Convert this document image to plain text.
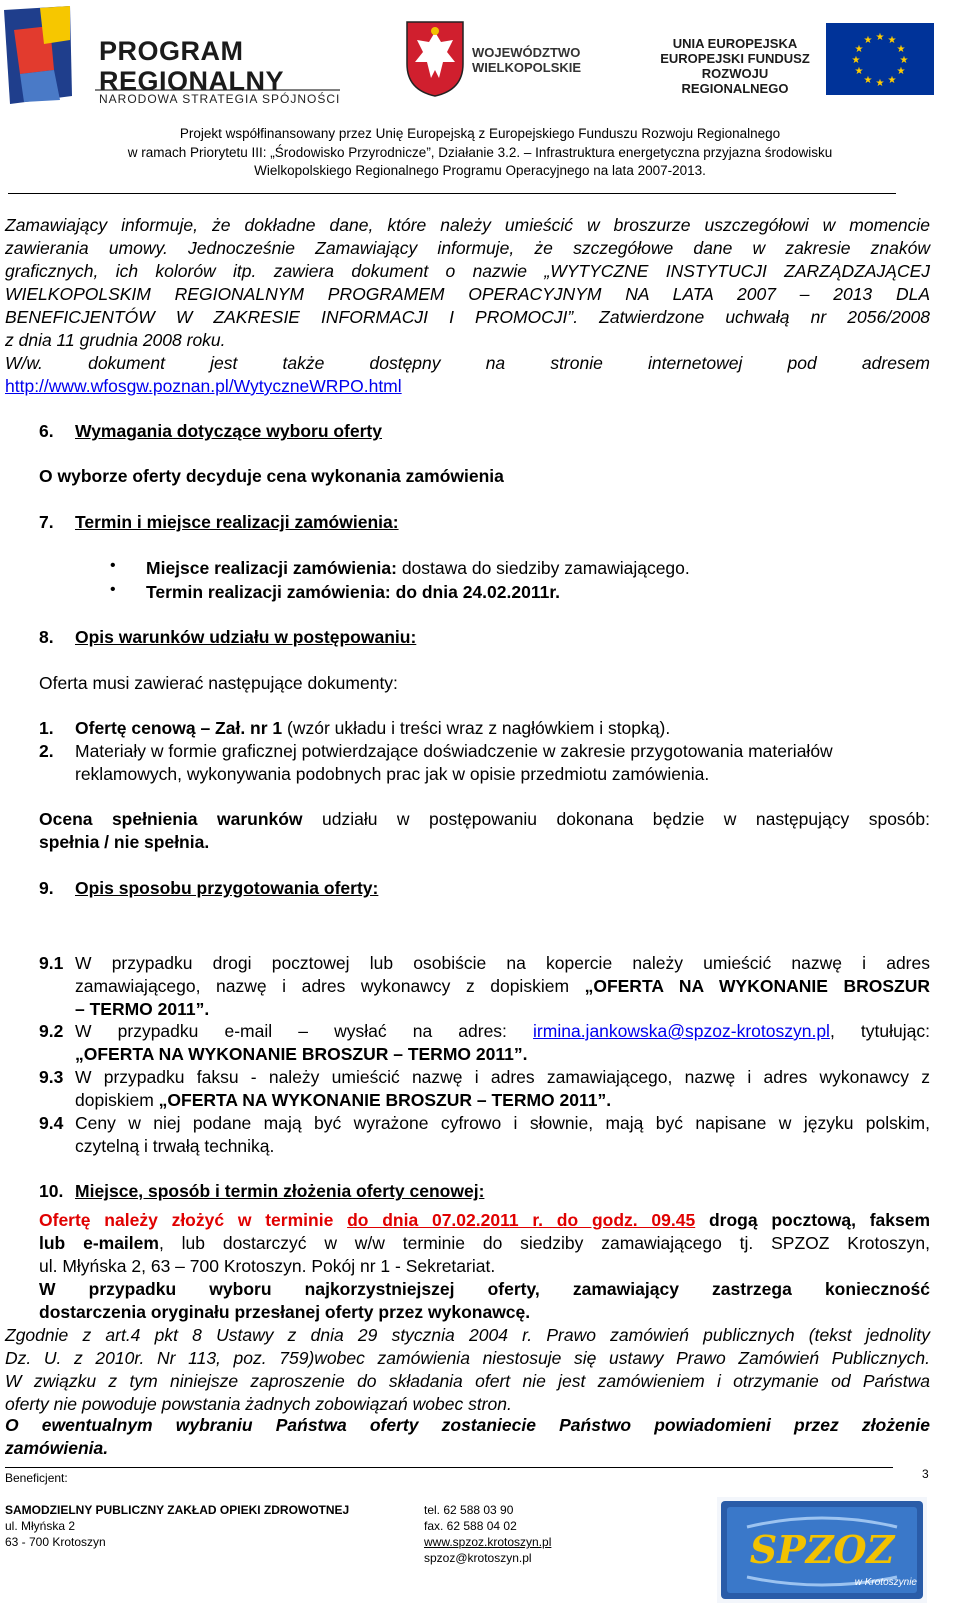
PROGRAM
REGIONALNY
NARODOWA STRATEGIA SPÓJNOŚCI
WOJEWÓDZTWO
WIELKOPOLSKIE
UNIA EUROPEJSKA
EUROPEJSKI FUNDUSZ
ROZWOJU REGIONALNEGO
★ ★
★
★
★
★
★
★
★
★
★
★
Projekt współfinansowany przez Unię Europejską z Europejskiego Funduszu Rozwoju Regionalnego
w ramach Priorytetu III: „Środowisko Przyrodnicze”, Działanie 3.2. – Infrastruktura energetyczna przyjazna środowisku
Wielkopolskiego Regionalnego Programu Operacyjnego na lata 2007-2013.
Zamawiający informuje, że dokładne dane, które należy umieścić w broszurze uszczegółowi w momencie
zawierania umowy. Jednocześnie Zamawiający informuje, że szczegółowe dane w zakresie znaków
graficznych, ich kolorów itp. zawiera dokument o nazwie „WYTYCZNE INSTYTUCJI ZARZĄDZAJĄCEJ
WIELKOPOLSKIM REGIONALNYM PROGRAMEM OPERACYJNYM NA LATA 2007 – 2013 DLA
BENEFICJENTÓW W ZAKRESIE INFORMACJI I PROMOCJI”. Zatwierdzone uchwałą nr 2056/2008
z dnia 11 grudnia 2008 roku.
W/w. dokument jest także dostępny na stronie internetowej pod adresem
http://www.wfosgw.poznan.pl/WytyczneWRPO.html
6. Wymagania dotyczące wyboru oferty
O wyborze oferty decyduje cena wykonania zamówienia
7. Termin i miejsce realizacji zamówienia:
• Miejsce realizacji zamówienia: dostawa do siedziby zamawiającego.
• Termin realizacji zamówienia: do dnia 24.02.2011r.
8. Opis warunków udziału w postępowaniu:
Oferta musi zawierać następujące dokumenty:
1. Ofertę cenową – Zał. nr 1 (wzór układu i treści wraz z nagłówkiem i stopką).
2. Materiały w formie graficznej potwierdzające doświadczenie w zakresie przygotowania materiałów
reklamowych, wykonywania podobnych prac jak w opisie przedmiotu zamówienia.
Ocena spełnienia warunków udziału w postępowaniu dokonana będzie w następujący sposób:
spełnia / nie spełnia.
9. Opis sposobu przygotowania oferty:
9.1 W przypadku drogi pocztowej lub osobiście na kopercie należy umieścić nazwę i adres
zamawiającego, nazwę i adres wykonawcy z dopiskiem „OFERTA NA WYKONANIE BROSZUR
– TERMO 2011”.
9.2 W przypadku e-mail – wysłać na adres: irmina.jankowska@spzoz-krotoszyn.pl, tytułując:
„OFERTA NA WYKONANIE BROSZUR – TERMO 2011”.
9.3 W przypadku faksu - należy umieścić nazwę i adres zamawiającego, nazwę i adres wykonawcy z
dopiskiem „OFERTA NA WYKONANIE BROSZUR – TERMO 2011”.
9.4 Ceny w niej podane mają być wyrażone cyfrowo i słownie, mają być napisane w języku polskim,
czytelną i trwałą techniką.
10. Miejsce, sposób i termin złożenia oferty cenowej:
Ofertę należy złożyć w terminie do dnia 07.02.2011 r. do godz. 09.45 drogą pocztową, faksem
lub e-mailem, lub dostarczyć w w/w terminie do siedziby zamawiającego tj. SPZOZ Krotoszyn,
ul. Młyńska 2, 63 – 700 Krotoszyn. Pokój nr 1 - Sekretariat.
W przypadku wyboru najkorzystniejszej oferty, zamawiający zastrzega konieczność
dostarczenia oryginału przesłanej oferty przez wykonawcę.
Zgodnie z art.4 pkt 8 Ustawy z dnia 29 stycznia 2004 r. Prawo zamówień publicznych (tekst jednolity
Dz. U. z 2010r. Nr 113, poz. 759)wobec zamówienia niestosuje się ustawy Prawo Zamówień Publicznych.
W związku z tym niniejsze zaproszenie do składania ofert nie jest zamówieniem i otrzymanie od Państwa
oferty nie powoduje powstania żadnych zobowiązań wobec stron.
O ewentualnym wybraniu Państwa oferty zostaniecie Państwo powiadomieni przez złożenie
zamówienia.
Beneficjent:	3
SAMODZIELNY PUBLICZNY ZAKŁAD OPIEKI ZDROWOTNEJ
ul. Młyńska 2
63 - 700 Krotoszyn
tel. 62 588 03 90
fax. 62 588 04 02
www.spzoz.krotoszyn.pl
spzoz@krotoszyn.pl	SPZOZ
w Krotoszynie
